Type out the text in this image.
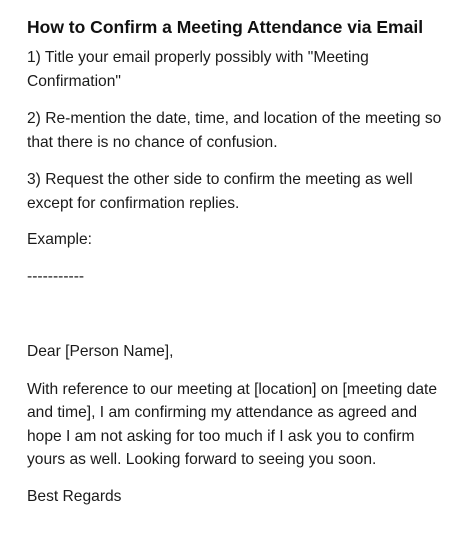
How to Confirm a Meeting Attendance via Email

1) Title your email properly possibly with "Meeting Confirmation"

2) Re-mention the date, time, and location of the meeting so that there is no chance of confusion.

3) Request the other side to confirm the meeting as well except for confirmation replies.

Example:

-----------

Dear [Person Name],

With reference to our meeting at [location] on [meeting date and time], I am confirming my attendance as agreed and hope I am not asking for too much if I ask you to confirm yours as well. Looking forward to seeing you soon.

Best Regards
